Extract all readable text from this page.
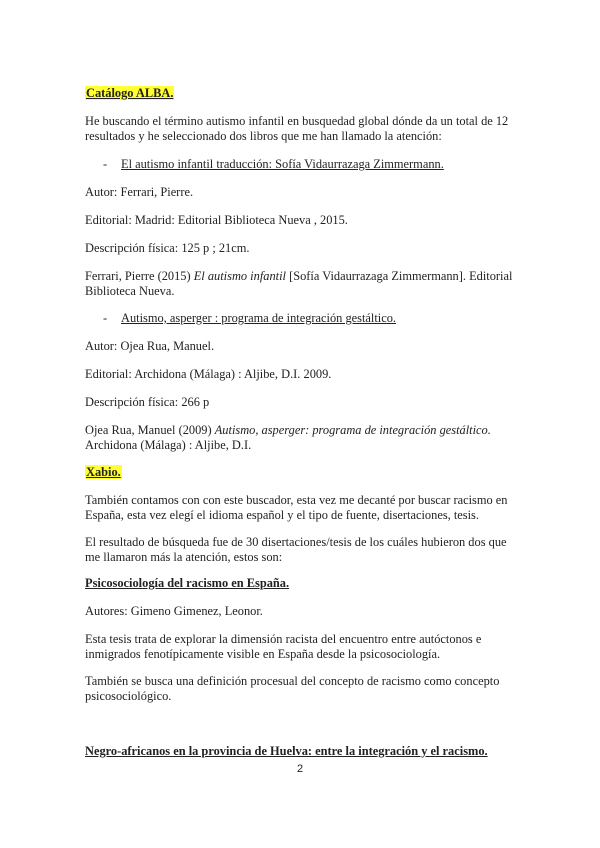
Catálogo ALBA.
He buscando el término autismo infantil en busquedad global dónde da un total de 12 resultados y he seleccionado dos libros que me han llamado la atención:
- El autismo infantil traducción: Sofía Vidaurrazaga Zimmermann.
Autor: Ferrari, Pierre.
Editorial: Madrid: Editorial Biblioteca Nueva , 2015.
Descripción física: 125 p ; 21cm.
Ferrari, Pierre (2015) El autismo infantil [Sofía Vidaurrazaga Zimmermann]. Editorial Biblioteca Nueva.
- Autismo, asperger : programa de integración gestáltico.
Autor: Ojea Rua, Manuel.
Editorial: Archidona (Málaga) : Aljibe, D.I. 2009.
Descripción física: 266 p
Ojea Rua, Manuel (2009) Autismo, asperger: programa de integración gestáltico. Archidona (Málaga) : Aljibe, D.I.
Xabio.
También contamos con con este buscador, esta vez me decanté por buscar racismo en España, esta vez elegí el idioma español y el tipo de fuente, disertaciones, tesis.
El resultado de búsqueda fue de 30 disertaciones/tesis de los cuáles hubieron dos que me llamaron más la atención, estos son:
Psicosociología del racismo en España.
Autores: Gimeno Gimenez, Leonor.
Esta tesis trata de explorar la dimensión racista del encuentro entre autóctonos e inmigrados fenotípicamente visible en España desde la psicosociología.
También se busca una definición procesual del concepto de racismo como concepto psicosociológico.
Negro-africanos en la provincia de Huelva: entre la integración y el racismo.
2
